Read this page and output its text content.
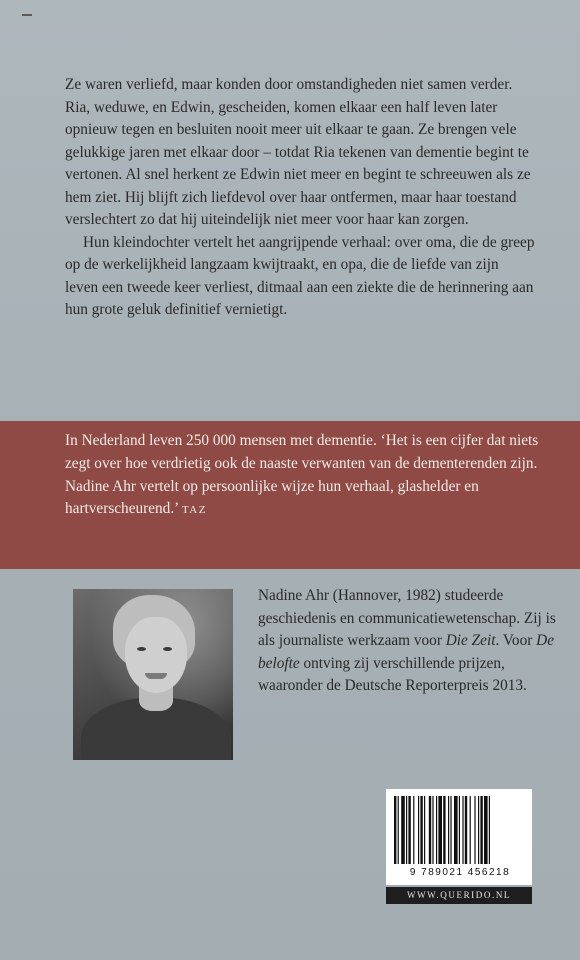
Ze waren verliefd, maar konden door omstandigheden niet samen verder. Ria, weduwe, en Edwin, gescheiden, komen elkaar een half leven later opnieuw tegen en besluiten nooit meer uit elkaar te gaan. Ze brengen vele gelukkige jaren met elkaar door – totdat Ria tekenen van dementie begint te vertonen. Al snel herkent ze Edwin niet meer en begint te schreeuwen als ze hem ziet. Hij blijft zich liefdevol over haar ontfermen, maar haar toestand verslechtert zo dat hij uiteindelijk niet meer voor haar kan zorgen.

Hun kleindochter vertelt het aangrijpende verhaal: over oma, die de greep op de werkelijkheid langzaam kwijtraakt, en opa, die de liefde van zijn leven een tweede keer verliest, ditmaal aan een ziekte die de herinnering aan hun grote geluk definitief vernietigt.

In Nederland leven 250 000 mensen met dementie. ‘Het is een cijfer dat niets zegt over hoe verdrietig ook de naaste verwanten van de dementerenden zijn. Nadine Ahr vertelt op persoonlijke wijze hun verhaal, glashelder en hartverscheurend.’ TAZ

Nadine Ahr (Hannover, 1982) studeerde geschiedenis en communicatiewetenschap. Zij is als journaliste werkzaam voor Die Zeit. Voor De belofte ontving zij verschillende prijzen, waaronder de Deutsche Reporterpreis 2013.

9 789021 456218
WWW.QUERIDO.NL
